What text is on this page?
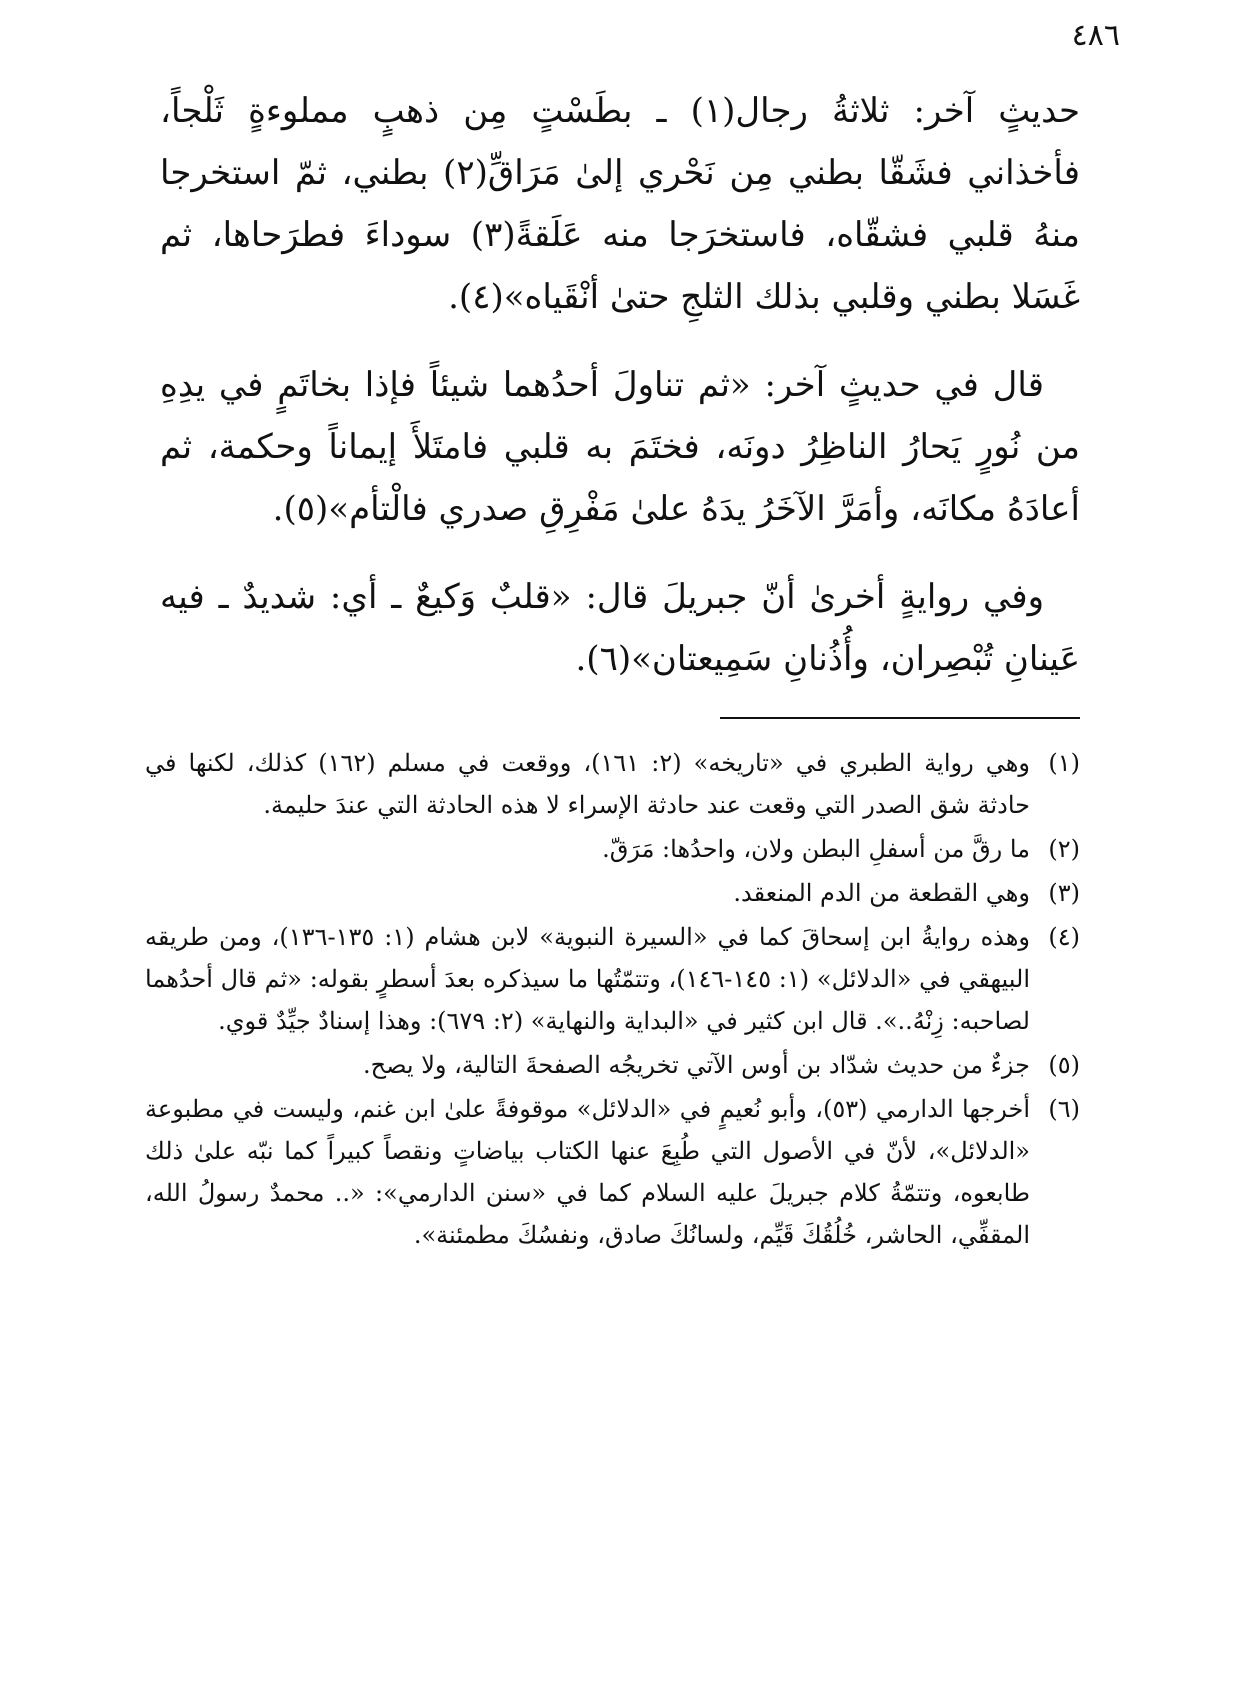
٤٨٦

حديثٍ آخر: ثلاثةُ رجال(١) ـ بطَسْتٍ مِن ذهبٍ مملوءةٍ ثَلْجاً، فأخذاني فشَقّا بطني مِن نَحْري إلىٰ مَرَاقِّ(٢) بطني، ثمّ استخرجا منهُ قلبي فشقّاه، فاستخرَجا منه عَلَقةً(٣) سوداءَ فطرَحاها، ثم غَسَلا بطني وقلبي بذلك الثلجِ حتىٰ أنْقَياه»(٤).

قال في حديثٍ آخر: «ثم تناولَ أحدُهما شيئاً فإذا بخاتَمٍ في يدِهِ من نُورٍ يَحارُ الناظِرُ دونَه، فختَمَ به قلبي فامتَلأَ إيماناً وحكمة، ثم أعادَهُ مكانَه، وأمَرَّ الآخَرُ يدَهُ علىٰ مَفْرِقِ صدري فالْتأم»(٥).

وفي روايةٍ أخرىٰ أنّ جبريلَ قال: «قلبٌ وَكيعٌ ـ أي: شديدٌ ـ فيه عَينانِ تُبْصِران، وأُذُنانِ سَمِيعتان»(٦).

(١)
وهي رواية الطبري في «تاريخه» (٢: ١٦١)، ووقعت في مسلم (١٦٢) كذلك، لكنها في حادثة شق الصدر التي وقعت عند حادثة الإسراء لا هذه الحادثة التي عندَ حليمة.
(٢)
ما رقَّ من أسفلِ البطن ولان، واحدُها: مَرَقّ.
(٣)
وهي القطعة من الدم المنعقد.
(٤)
وهذه روايةُ ابن إسحاقَ كما في «السيرة النبوية» لابن هشام (١: ١٣٥-١٣٦)، ومن طريقه البيهقي في «الدلائل» (١: ١٤٥-١٤٦)، وتتمّتُها ما سيذكره بعدَ أسطرٍ بقوله: «ثم قال أحدُهما لصاحبه: زِنْهُ..». قال ابن كثير في «البداية والنهاية» (٢: ٦٧٩): وهذا إسنادٌ جيِّدٌ قوي.
(٥)
جزءٌ من حديث شدّاد بن أوس الآتي تخريجُه الصفحةَ التالية، ولا يصح.
(٦)
أخرجها الدارمي (٥٣)، وأبو نُعيمٍ في «الدلائل» موقوفةً علىٰ ابن غنم، وليست في مطبوعة «الدلائل»، لأنّ في الأصول التي طُبِعَ عنها الكتاب بياضاتٍ ونقصاً كبيراً كما نبّه علىٰ ذلك طابعوه، وتتمّةُ كلام جبريلَ عليه السلام كما في «سنن الدارمي»: «.. محمدٌ رسولُ الله، المقفِّي، الحاشر، خُلُقُكَ قَيِّم، ولسانُكَ صادق، ونفسُكَ مطمئنة».
